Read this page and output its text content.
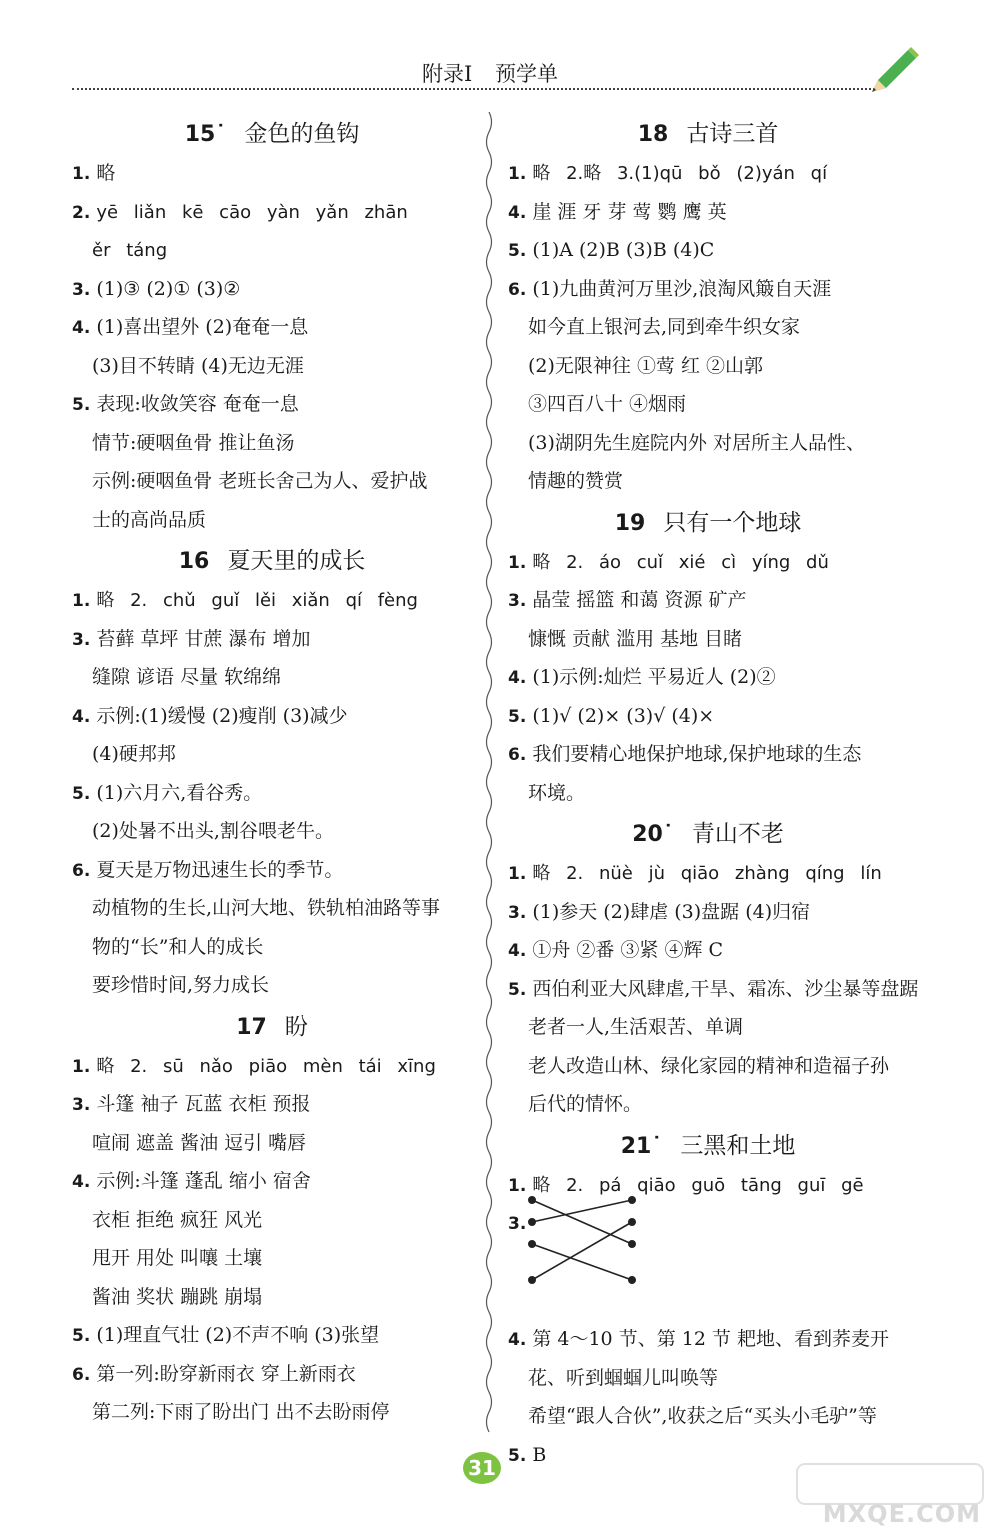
附录Ⅰ 预学单
15˙ 金色的鱼钩
1. 略
2. yē liǎn kē cāo yàn yǎn zhān
ěr táng
3. (1)③ (2)① (3)②
4. (1)喜出望外 (2)奄奄一息
(3)目不转睛 (4)无边无涯
5. 表现:收敛笑容 奄奄一息
情节:硬咽鱼骨 推让鱼汤
示例:硬咽鱼骨 老班长舍己为人、爱护战
士的高尚品质
16 夏天里的成长
1. 略 2. chǔ guǐ lěi xiǎn qí fèng
3. 苔藓 草坪 甘蔗 瀑布 增加
缝隙 谚语 尽量 软绵绵
4. 示例:(1)缓慢 (2)瘦削 (3)减少
(4)硬邦邦
5. (1)六月六,看谷秀。
(2)处暑不出头,割谷喂老牛。
6. 夏天是万物迅速生长的季节。
动植物的生长,山河大地、铁轨柏油路等事
物的“长”和人的成长
要珍惜时间,努力成长
17 盼
1. 略 2. sū nǎo piāo mèn tái xīng
3. 斗篷 袖子 瓦蓝 衣柜 预报
喧闹 遮盖 酱油 逗引 嘴唇
4. 示例:斗篷 蓬乱 缩小 宿舍
衣柜 拒绝 疯狂 风光
甩开 用处 叫嚷 土壤
酱油 奖状 蹦跳 崩塌
5. (1)理直气壮 (2)不声不响 (3)张望
6. 第一列:盼穿新雨衣 穿上新雨衣
第二列:下雨了盼出门 出不去盼雨停
18 古诗三首
1. 略 2.略 3.(1)qū bǒ (2)yán qí
4. 崖 涯 牙 芽 莺 鹦 鹰 英
5. (1)A (2)B (3)B (4)C
6. (1)九曲黄河万里沙,浪淘风簸自天涯
如今直上银河去,同到牵牛织女家
(2)无限神往 ①莺 红 ②山郭
③四百八十 ④烟雨
(3)湖阴先生庭院内外 对居所主人品性、
情趣的赞赏
19 只有一个地球
1. 略 2. áo cuǐ xié cì yíng dǔ
3. 晶莹 摇篮 和蔼 资源 矿产
慷慨 贡献 滥用 基地 目睹
4. (1)示例:灿烂 平易近人 (2)②
5. (1)√ (2)× (3)√ (4)×
6. 我们要精心地保护地球,保护地球的生态
环境。
20˙ 青山不老
1. 略 2. nüè jù qiāo zhàng qíng lín
3. (1)参天 (2)肆虐 (3)盘踞 (4)归宿
4. ①舟 ②番 ③紧 ④辉 C
5. 西伯利亚大风肆虐,干旱、霜冻、沙尘暴等盘踞
老者一人,生活艰苦、单调
老人改造山林、绿化家园的精神和造福子孙
后代的情怀。
21˙ 三黑和土地
1. 略 2. pá qiāo guō tāng guī gē
3.
4. 第 4～10 节、第 12 节 耙地、看到荞麦开
花、听到蝈蝈儿叫唤等
希望“跟人合伙”,收获之后“买头小毛驴”等
5. B
31
MXQE.COM
